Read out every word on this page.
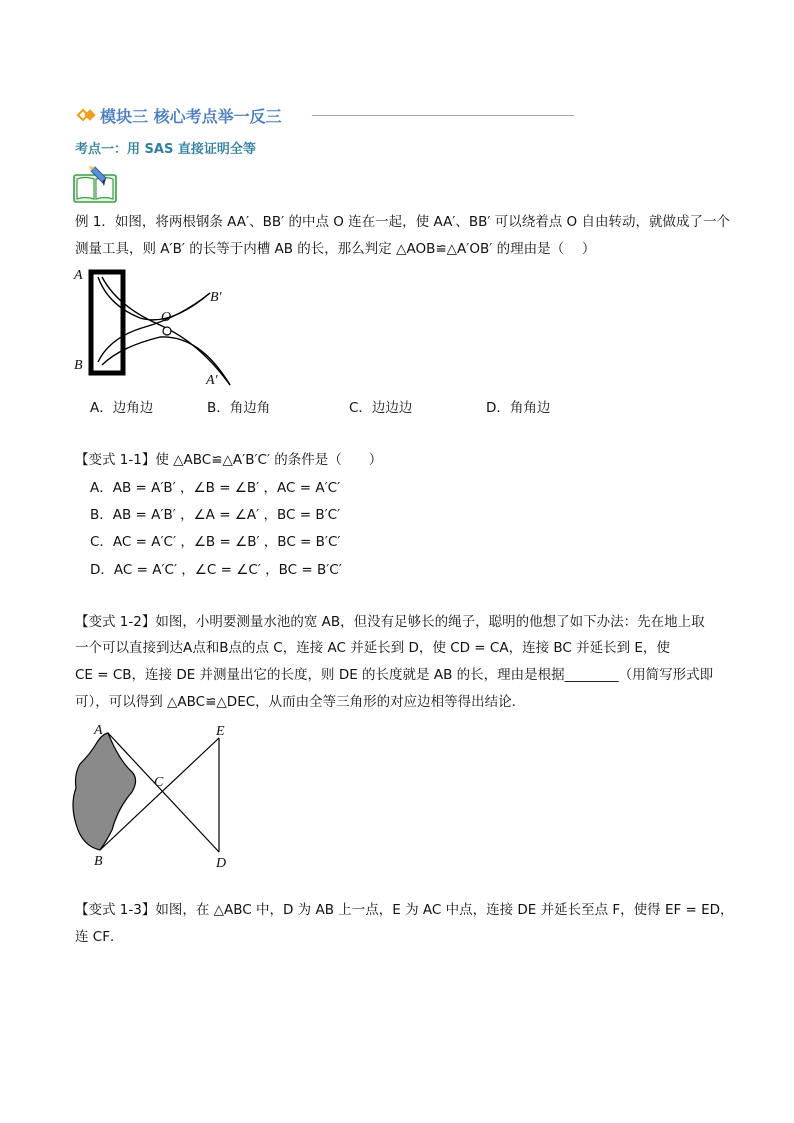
模块三 核心考点举一反三
考点一：用 SAS 直接证明全等
例 1．如图，将两根钢条 AA′、BB′ 的中点 O 连在一起，使 AA′、BB′ 可以绕着点 O 自由转动，就做成了一个
测量工具，则 A′B′ 的长等于内槽 AB 的长，那么判定 △AOB≌△A′OB′ 的理由是（　 ）
A
B
O
B′
A′
A．边角边	B．角边角	C．边边边	D．角角边
【变式 1-1】使 △ABC≌△A′B′C′ 的条件是（　　）
A．AB = A′B′ ，∠B = ∠B′ ，AC = A′C′
B．AB = A′B′ ，∠A = ∠A′ ，BC = B′C′
C．AC = A′C′ ，∠B = ∠B′ ，BC = B′C′
D．AC = A′C′ ，∠C = ∠C′ ，BC = B′C′
【变式 1-2】如图，小明要测量水池的宽 AB，但没有足够长的绳子，聪明的他想了如下办法：先在地上取
一个可以直接到达A点和B点的点 C，连接 AC 并延长到 D，使 CD = CA，连接 BC 并延长到 E，使
CE = CB，连接 DE 并测量出它的长度，则 DE 的长度就是 AB 的长，理由是根据________（用简写形式即
可），可以得到 △ABC≌△DEC，从而由全等三角形的对应边相等得出结论．
A
B
C
D
E
【变式 1-3】如图，在 △ABC 中，D 为 AB 上一点，E 为 AC 中点，连接 DE 并延长至点 F，使得 EF = ED，
连 CF．
